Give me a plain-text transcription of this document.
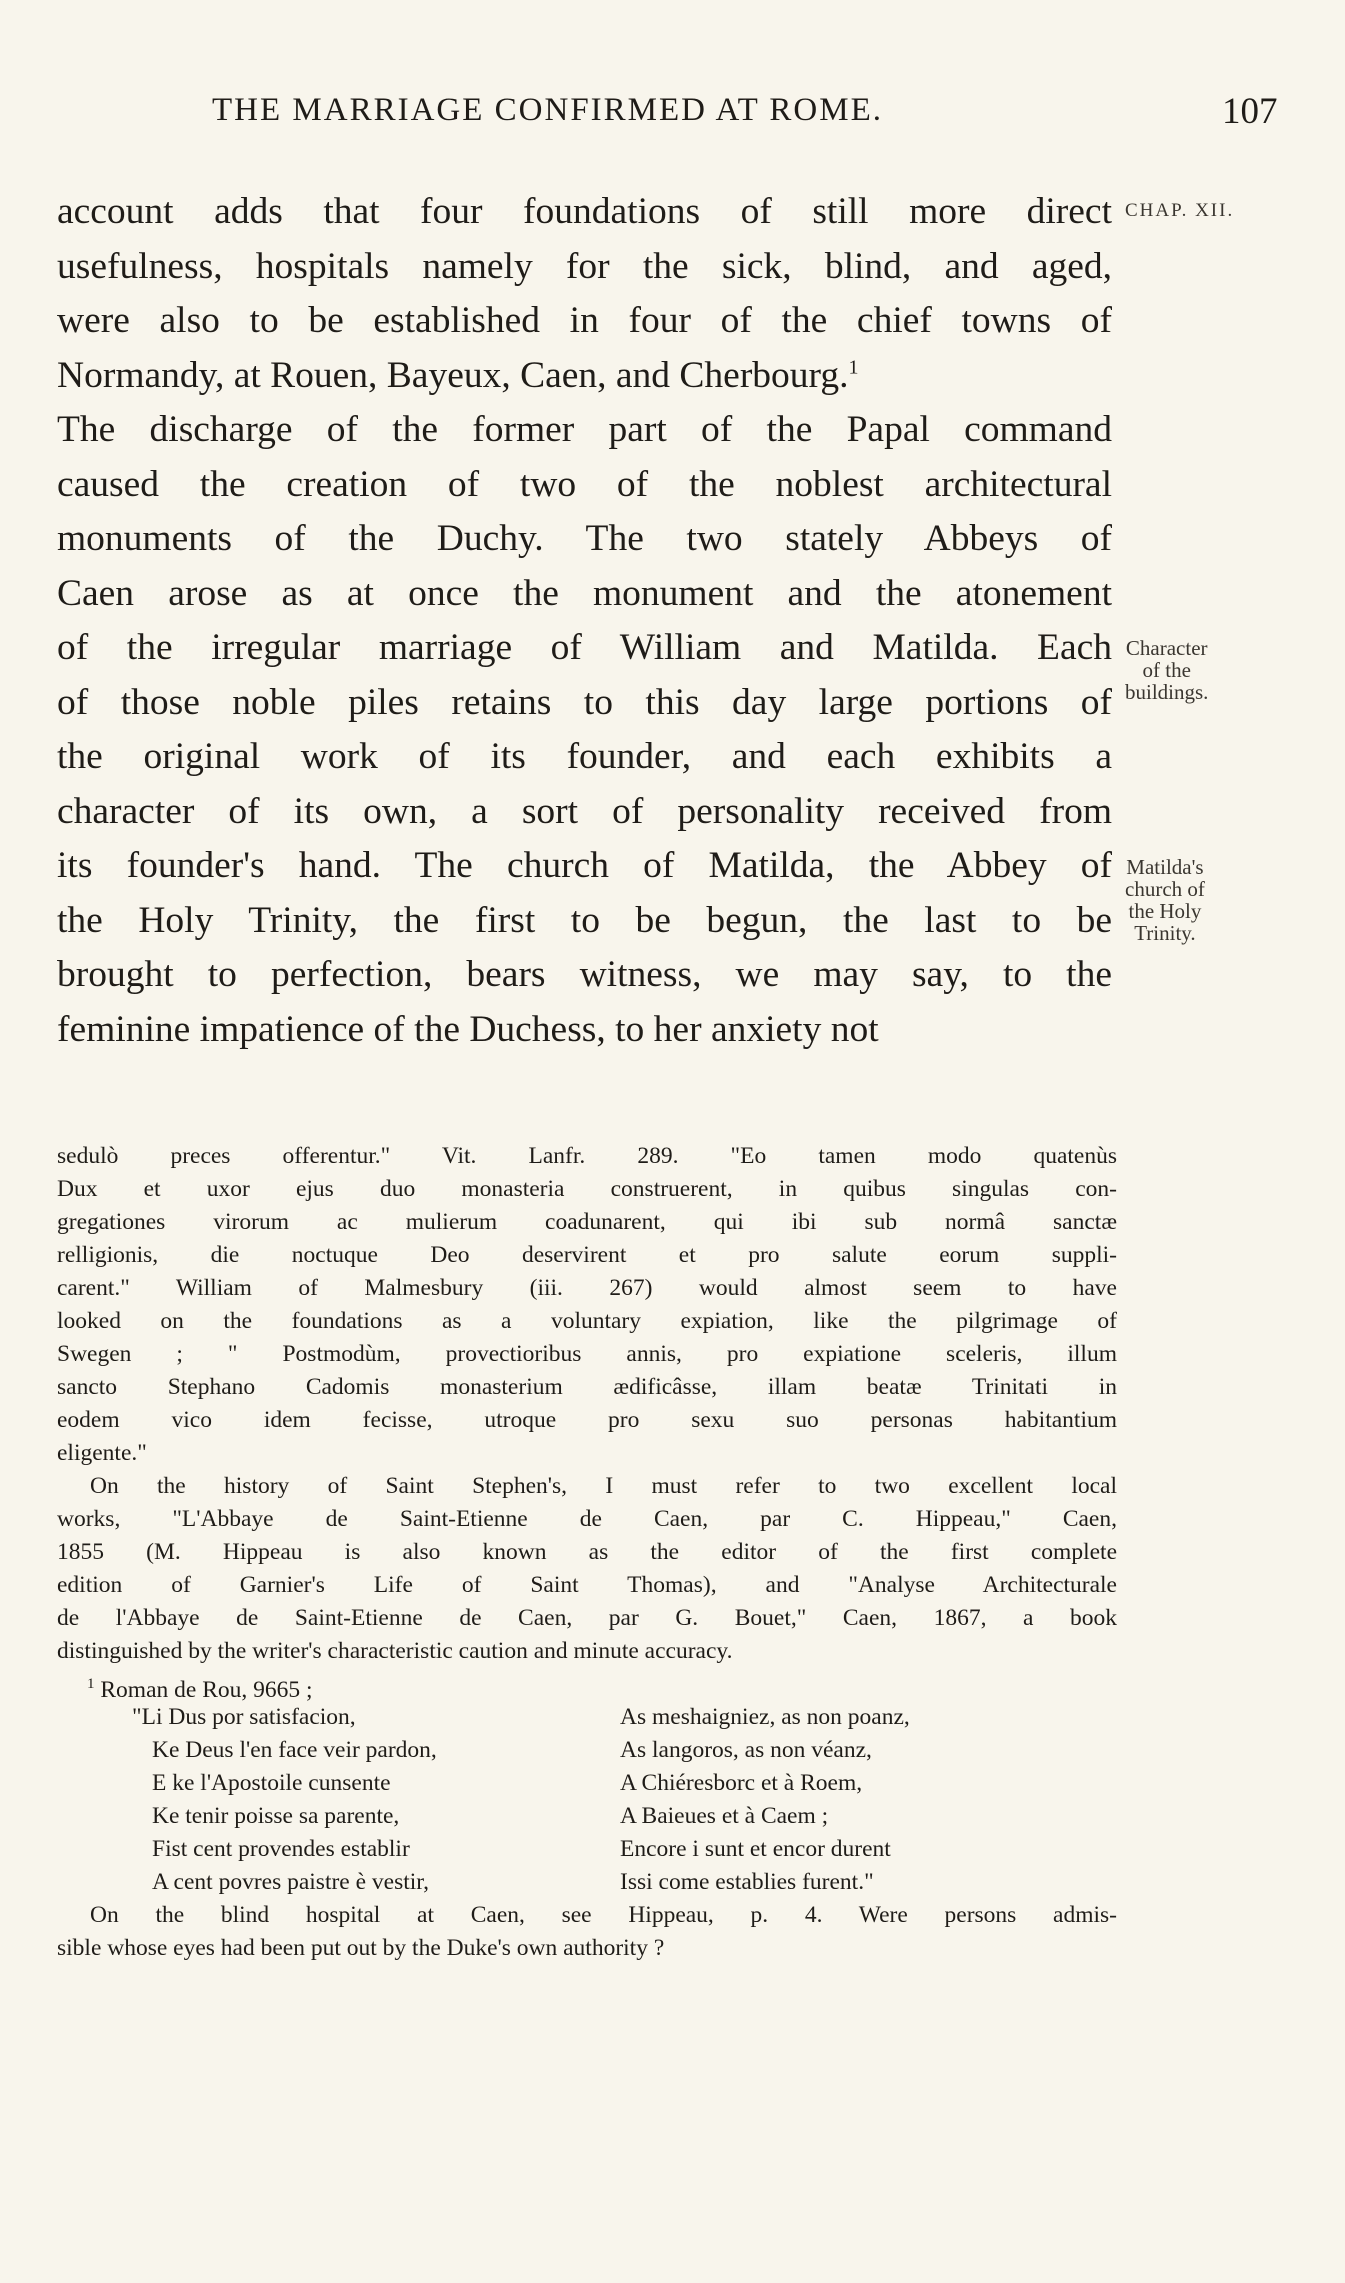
THE MARRIAGE CONFIRMED AT ROME.	107
account adds that four foundations of still more direct
usefulness, hospitals namely for the sick, blind, and aged,
were also to be established in four of the chief towns of
Normandy, at Rouen, Bayeux, Caen, and Cherbourg.$^1$
The discharge of the former part of the Papal command
caused the creation of two of the noblest architectural
monuments of the Duchy. The two stately Abbeys of
Caen arose as at once the monument and the atonement
of the irregular marriage of William and Matilda. Each
of those noble piles retains to this day large portions of
the original work of its founder, and each exhibits a
character of its own, a sort of personality received from
its founder's hand. The church of Matilda, the Abbey of
the Holy Trinity, the first to be begun, the last to be
brought to perfection, bears witness, we may say, to the
feminine impatience of the Duchess, to her anxiety not
CHAP. XII.
Character
of the
buildings.
Matilda's
church of
the Holy
Trinity.
sedulò preces offerentur." Vit. Lanfr. 289. "Eo tamen modo quatenùs
Dux et uxor ejus duo monasteria construerent, in quibus singulas con-
gregationes virorum ac mulierum coadunarent, qui ibi sub normâ sanctæ
relligionis, die noctuque Deo deservirent et pro salute eorum suppli-
carent." William of Malmesbury (iii. 267) would almost seem to have
looked on the foundations as a voluntary expiation, like the pilgrimage of
Swegen ; " Postmodùm, provectioribus annis, pro expiatione sceleris, illum
sancto Stephano Cadomis monasterium ædificâsse, illam beatæ Trinitati in
eodem vico idem fecisse, utroque pro sexu suo personas habitantium
eligente."
On the history of Saint Stephen's, I must refer to two excellent local
works, "L'Abbaye de Saint-Etienne de Caen, par C. Hippeau," Caen,
1855 (M. Hippeau is also known as the editor of the first complete
edition of Garnier's Life of Saint Thomas), and "Analyse Architecturale
de l'Abbaye de Saint-Etienne de Caen, par G. Bouet," Caen, 1867, a book
distinguished by the writer's characteristic caution and minute accuracy.
$^1$ Roman de Rou, 9665 ;
"Li Dus por satisfacion,	As meshaigniez, as non poanz,
Ke Deus l'en face veir pardon,	As langoros, as non véanz,
E ke l'Apostoile cunsente	A Chiéresborc et à Roem,
Ke tenir poisse sa parente,	A Baieues et à Caem ;
Fist cent provendes establir	Encore i sunt et encor durent
A cent povres paistre è vestir,	Issi come establies furent."
On the blind hospital at Caen, see Hippeau, p. 4. Were persons admis-
sible whose eyes had been put out by the Duke's own authority ?
